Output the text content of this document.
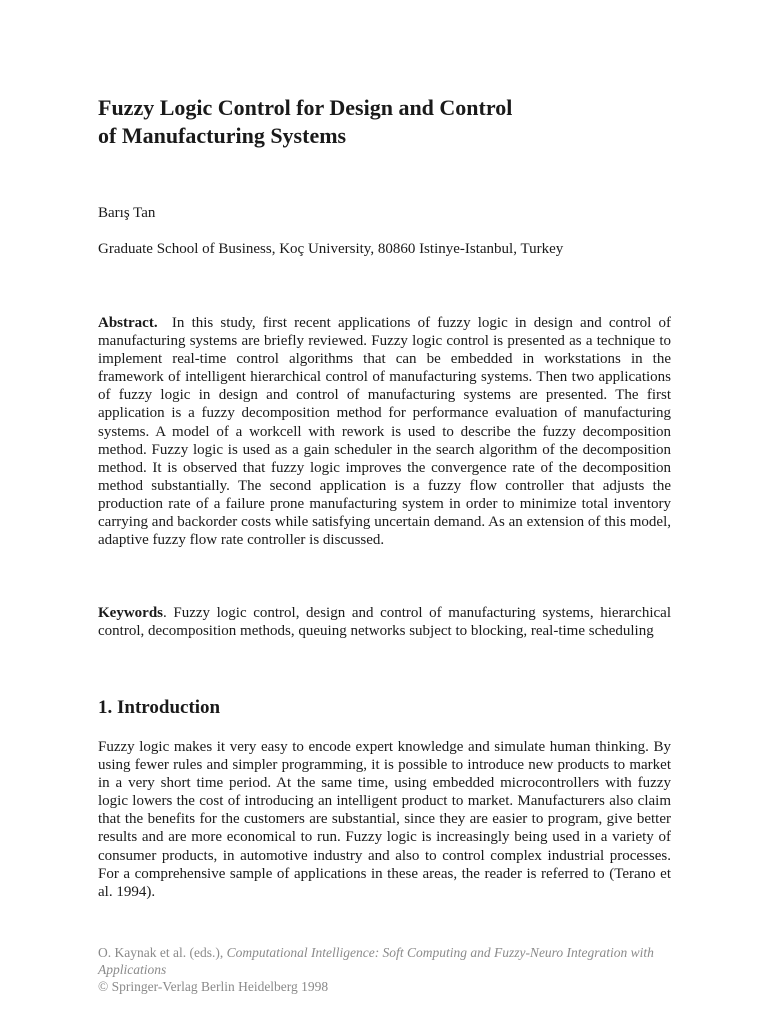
Fuzzy Logic Control for Design and Control
of Manufacturing Systems

Barış Tan

Graduate School of Business, Koç University, 80860 Istinye-Istanbul, Turkey

Abstract. In this study, first recent applications of fuzzy logic in design and control of manufacturing systems are briefly reviewed. Fuzzy logic control is presented as a technique to implement real-time control algorithms that can be embedded in workstations in the framework of intelligent hierarchical control of manufacturing systems. Then two applications of fuzzy logic in design and control of manufacturing systems are presented. The first application is a fuzzy decomposition method for performance evaluation of manufacturing systems. A model of a workcell with rework is used to describe the fuzzy decomposition method. Fuzzy logic is used as a gain scheduler in the search algorithm of the decomposition method. It is observed that fuzzy logic improves the convergence rate of the decomposition method substantially. The second application is a fuzzy flow controller that adjusts the production rate of a failure prone manufacturing system in order to minimize total inventory carrying and backorder costs while satisfying uncertain demand. As an extension of this model, adaptive fuzzy flow rate controller is discussed.

Keywords. Fuzzy logic control, design and control of manufacturing systems, hierarchical control, decomposition methods, queuing networks subject to blocking, real-time scheduling

1. Introduction

Fuzzy logic makes it very easy to encode expert knowledge and simulate human thinking. By using fewer rules and simpler programming, it is possible to introduce new products to market in a very short time period. At the same time, using embedded microcontrollers with fuzzy logic lowers the cost of introducing an intelligent product to market. Manufacturers also claim that the benefits for the customers are substantial, since they are easier to program, give better results and are more economical to run. Fuzzy logic is increasingly being used in a variety of consumer products, in automotive industry and also to control complex industrial processes. For a comprehensive sample of applications in these areas, the reader is referred to (Terano et al. 1994).

O. Kaynak et al. (eds.), Computational Intelligence: Soft Computing and Fuzzy-Neuro Integration with Applications
© Springer-Verlag Berlin Heidelberg 1998
